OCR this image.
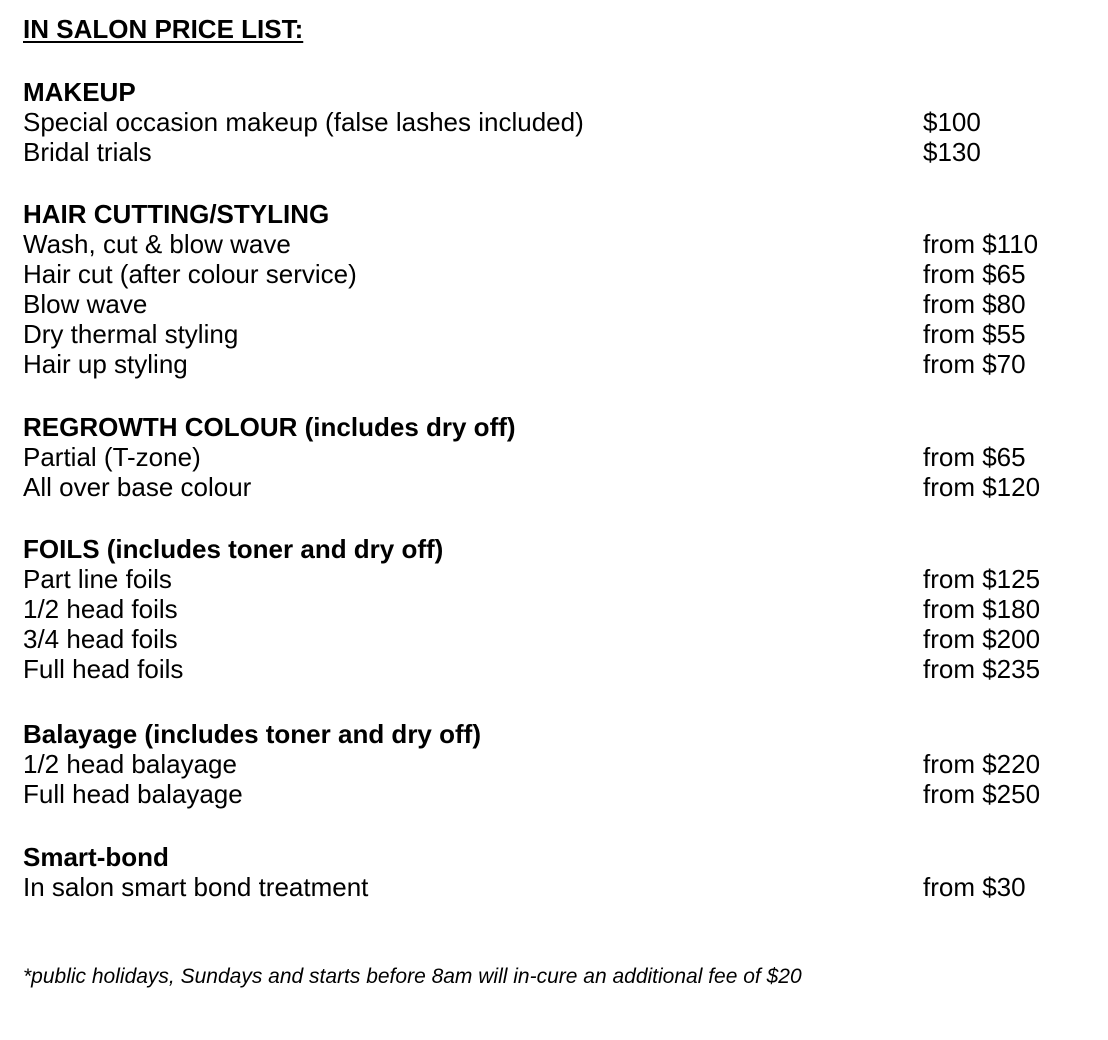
IN SALON PRICE LIST:
MAKEUP
Special occasion makeup (false lashes included)	$100
Bridal trials	$130
HAIR CUTTING/STYLING
Wash, cut & blow wave	from $110
Hair cut (after colour service)	from $65
Blow wave	from $80
Dry thermal styling	from $55
Hair up styling	from $70
REGROWTH COLOUR (includes dry off)
Partial (T-zone)	from $65
All over base colour	from $120
FOILS (includes toner and dry off)
Part line foils	from $125
1/2 head foils	from $180
3/4 head foils	from $200
Full head foils	from $235
Balayage (includes toner and dry off)
1/2 head balayage	from $220
Full head balayage	from $250
Smart-bond
In salon smart bond treatment	from $30
*public holidays, Sundays and starts before 8am will in-cure an additional fee of $20
